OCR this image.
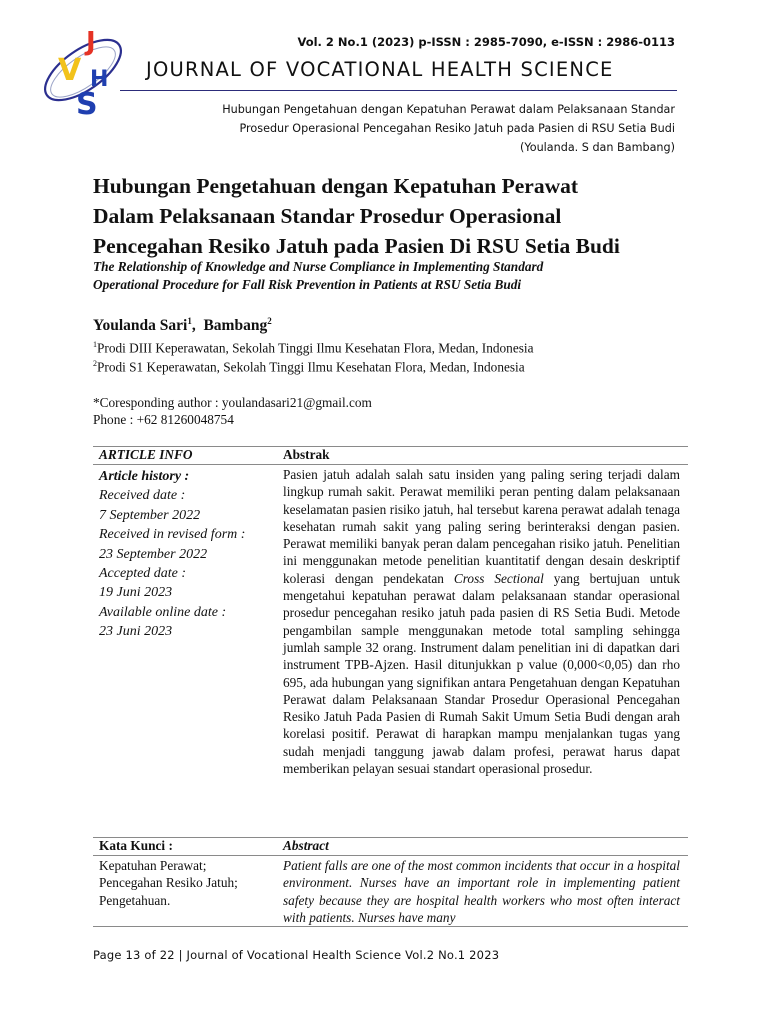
J
V H
S
Vol. 2 No.1 (2023) p-ISSN : 2985-7090, e-ISSN : 2986-0113
JOURNAL OF VOCATIONAL HEALTH SCIENCE
Hubungan Pengetahuan dengan Kepatuhan Perawat dalam Pelaksanaan Standar
Prosedur Operasional Pencegahan Resiko Jatuh pada Pasien di RSU Setia Budi
(Youlanda. S dan Bambang)
Hubungan Pengetahuan dengan Kepatuhan Perawat
Dalam Pelaksanaan Standar Prosedur Operasional
Pencegahan Resiko Jatuh pada Pasien Di RSU Setia Budi
The Relationship of Knowledge and Nurse Compliance in Implementing Standard
Operational Procedure for Fall Risk Prevention in Patients at RSU Setia Budi
Youlanda Sari$^1$,  Bambang$^2$
$^1$Prodi DIII Keperawatan, Sekolah Tinggi Ilmu Kesehatan Flora, Medan, Indonesia
$^2$Prodi S1 Keperawatan, Sekolah Tinggi Ilmu Kesehatan Flora, Medan, Indonesia
*Coresponding author : youlandasari21@gmail.com
Phone : +62 81260048754
ARTICLE INFO	Abstrak
Article history :
Received date :
7 September 2022
Received in revised form :
23 September 2022
Accepted date :
19 Juni 2023
Available online date :
23 Juni 2023

Pasien jatuh adalah salah satu insiden yang paling sering terjadi dalam lingkup rumah sakit. Perawat memiliki peran penting dalam pelaksanaan keselamatan pasien risiko jatuh, hal tersebut karena perawat adalah tenaga kesehatan rumah sakit yang paling sering berinteraksi dengan pasien. Perawat memiliki banyak peran dalam pencegahan risiko jatuh. Penelitian ini menggunakan metode penelitian kuantitatif dengan desain deskriptif kolerasi dengan pendekatan Cross Sectional yang bertujuan untuk mengetahui kepatuhan perawat dalam pelaksanaan standar operasional prosedur pencegahan resiko jatuh pada pasien di RS Setia Budi. Metode pengambilan sample menggunakan metode total sampling sehingga jumlah sample 32 orang. Instrument dalam penelitian ini di dapatkan dari instrument TPB-Ajzen. Hasil ditunjukkan p value (0,000<0,05) dan rho 695, ada hubungan yang signifikan antara Pengetahuan dengan Kepatuhan Perawat dalam Pelaksanaan Standar Prosedur Operasional Pencegahan Resiko Jatuh Pada Pasien di Rumah Sakit Umum Setia Budi dengan arah korelasi positif. Perawat di harapkan mampu menjalankan tugas yang sudah menjadi tanggung jawab dalam profesi, perawat harus dapat memberikan pelayan sesuai standart operasional prosedur.

Kata Kunci :	Abstract
Kepatuhan Perawat;
Pencegahan Resiko Jatuh;
Pengetahuan.

Patient falls are one of the most common incidents that occur in a hospital environment. Nurses have an important role in implementing patient safety because they are hospital health workers who most often interact with patients. Nurses have many

Page 13 of 22 | Journal of Vocational Health Science Vol.2 No.1 2023
